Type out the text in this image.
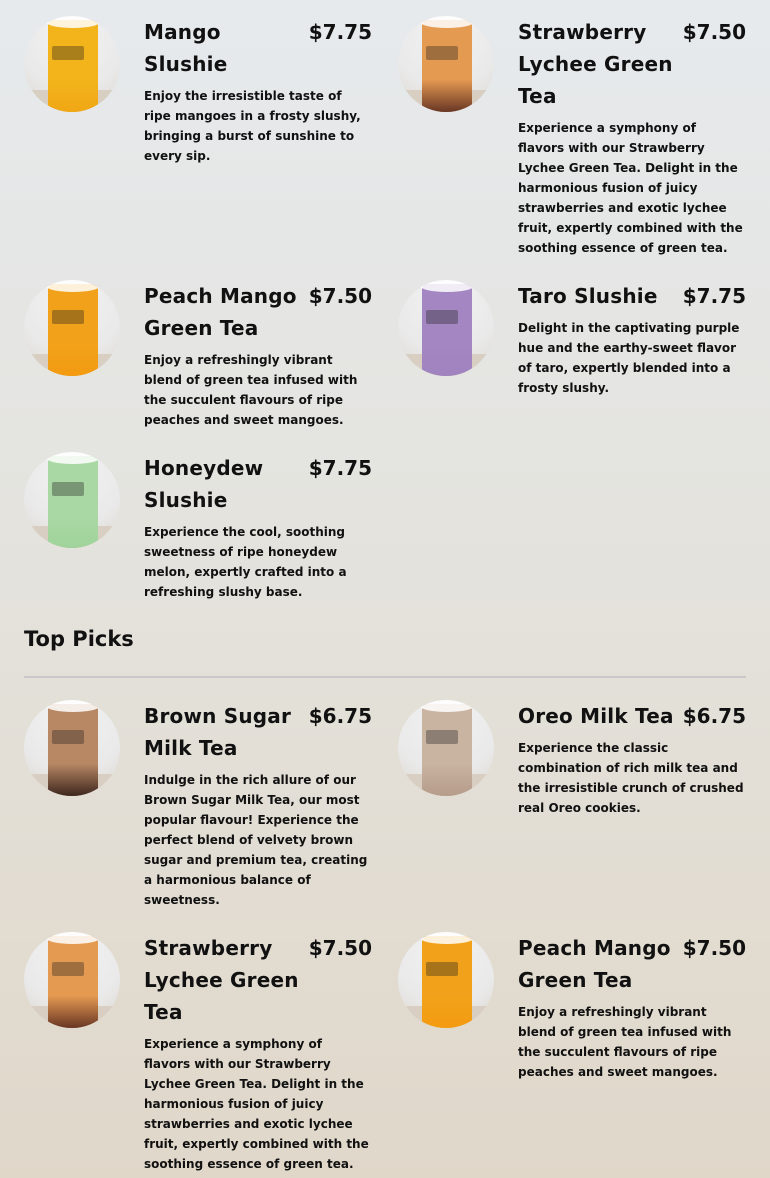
Mango Slushie
$7.75
Enjoy the irresistible taste of ripe mangoes in a frosty slushy, bringing a burst of sunshine to every sip.
Strawberry Lychee Green Tea
$7.50
Experience a symphony of flavors with our Strawberry Lychee Green Tea. Delight in the harmonious fusion of juicy strawberries and exotic lychee fruit, expertly combined with the soothing essence of green tea.
Peach Mango Green Tea
$7.50
Enjoy a refreshingly vibrant blend of green tea infused with the succulent flavours of ripe peaches and sweet mangoes.
Taro Slushie $7.75
Delight in the captivating purple hue and the earthy-sweet flavor of taro, expertly blended into a frosty slushy.
Honeydew Slushie
$7.75
Experience the cool, soothing sweetness of ripe honeydew melon, expertly crafted into a refreshing slushy base.
Top Picks
Brown Sugar Milk Tea
$6.75
Indulge in the rich allure of our Brown Sugar Milk Tea, our most popular flavour! Experience the perfect blend of velvety brown sugar and premium tea, creating a harmonious balance of sweetness.
Oreo Milk Tea $6.75
Experience the classic combination of rich milk tea and the irresistible crunch of crushed real Oreo cookies.
Strawberry Lychee Green Tea
$7.50
Experience a symphony of flavors with our Strawberry Lychee Green Tea. Delight in the harmonious fusion of juicy strawberries and exotic lychee fruit, expertly combined with the soothing essence of green tea.
Peach Mango Green Tea
$7.50
Enjoy a refreshingly vibrant blend of green tea infused with the succulent flavours of ripe peaches and sweet mangoes.
